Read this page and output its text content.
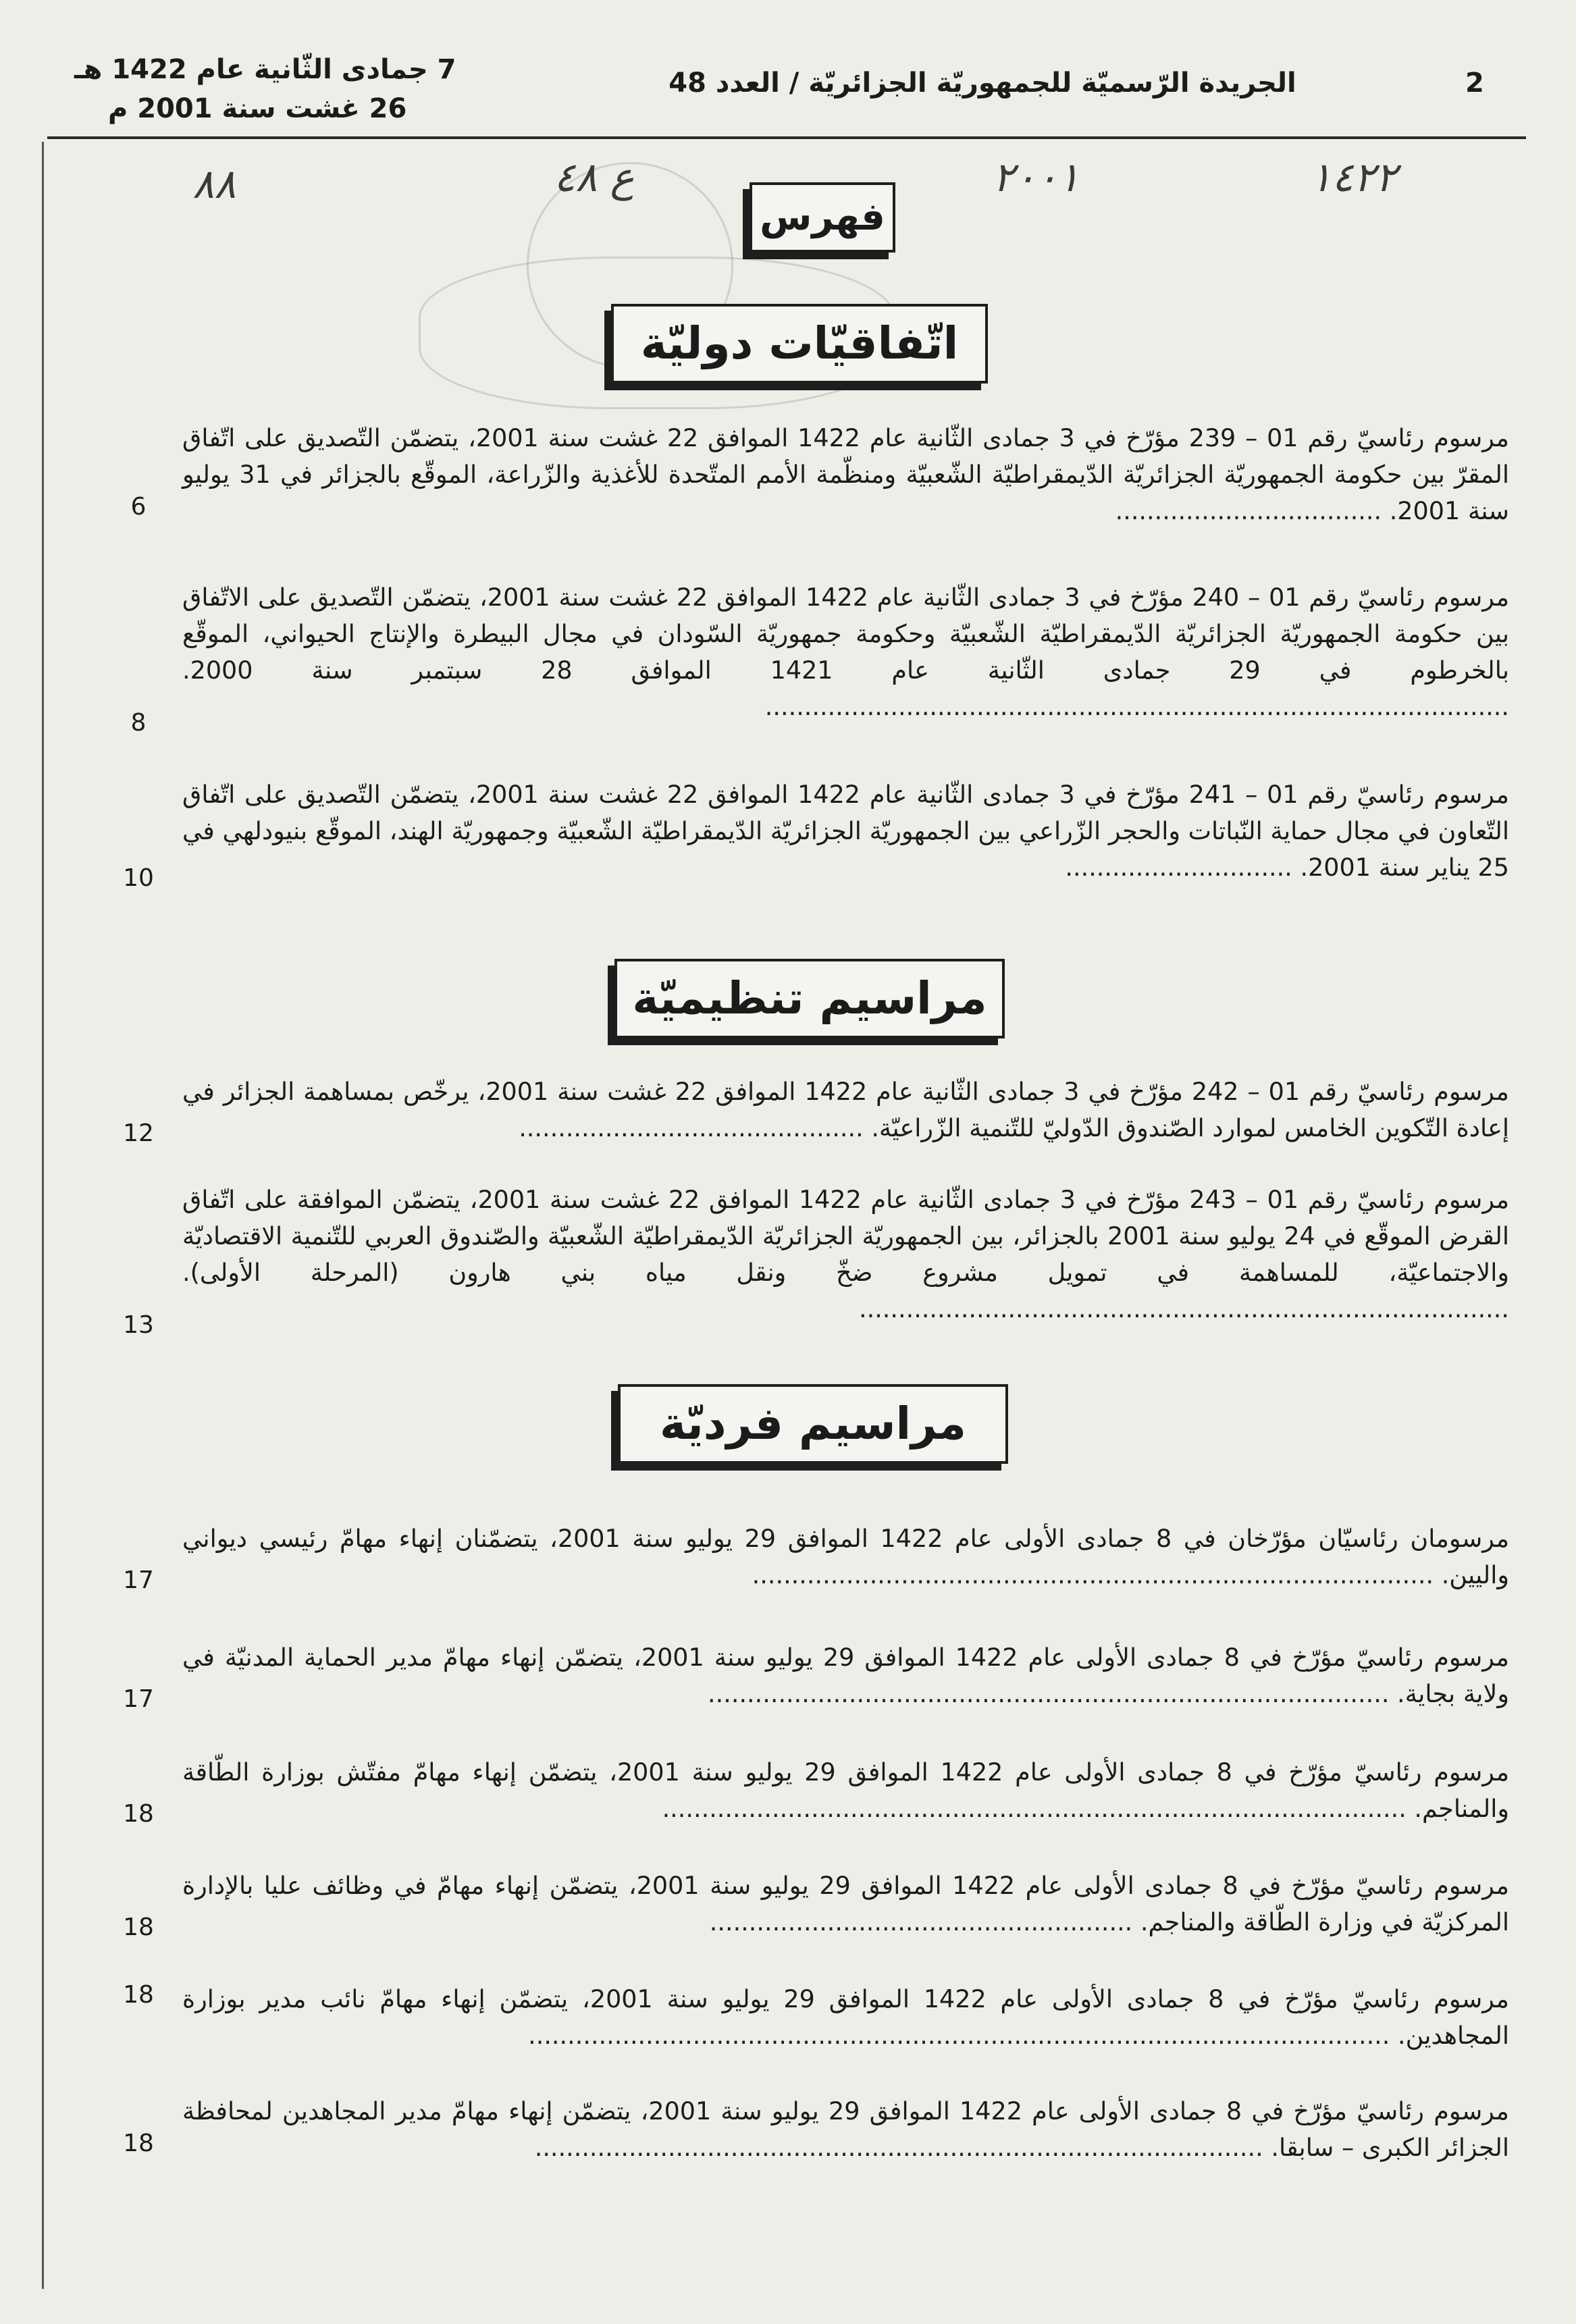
2
الجريدة الرّسميّة للجمهوريّة الجزائريّة / العدد 48
7 جمادى الثّانية عام 1422 هـ
26 غشت سنة 2001 م
١٤٢٢
٢٠٠١
ع ٤٨
٨٨
فهرس
اتّفاقيّات دوليّة
مرسوم رئاسيّ رقم 01 – 239 مؤرّخ في 3 جمادى الثّانية عام 1422 الموافق 22 غشت سنة 2001، يتضمّن التّصديق على اتّفاق المقرّ بين حكومة الجمهوريّة الجزائريّة الدّيمقراطيّة الشّعبيّة ومنظّمة الأمم المتّحدة للأغذية والزّراعة، الموقّع بالجزائر في 31 يوليو سنة 2001. ..................................
6
مرسوم رئاسيّ رقم 01 – 240 مؤرّخ في 3 جمادى الثّانية عام 1422 الموافق 22 غشت سنة 2001، يتضمّن التّصديق على الاتّفاق بين حكومة الجمهوريّة الجزائريّة الدّيمقراطيّة الشّعبيّة وحكومة جمهوريّة السّودان في مجال البيطرة والإنتاج الحيواني، الموقّع بالخرطوم في 29 جمادى الثّانية عام 1421 الموافق 28 سبتمبر سنة 2000. ...............................................................................................
8
مرسوم رئاسيّ رقم 01 – 241 مؤرّخ في 3 جمادى الثّانية عام 1422 الموافق 22 غشت سنة 2001، يتضمّن التّصديق على اتّفاق التّعاون في مجال حماية النّباتات والحجر الزّراعي بين الجمهوريّة الجزائريّة الدّيمقراطيّة الشّعبيّة وجمهوريّة الهند، الموقّع بنيودلهي في 25 يناير سنة 2001. .............................
10
مراسيم تنظيميّة
مرسوم رئاسيّ رقم 01 – 242 مؤرّخ في 3 جمادى الثّانية عام 1422 الموافق 22 غشت سنة 2001، يرخّص بمساهمة الجزائر في إعادة التّكوين الخامس لموارد الصّندوق الدّوليّ للتّنمية الزّراعيّة. ............................................
12
مرسوم رئاسيّ رقم 01 – 243 مؤرّخ في 3 جمادى الثّانية عام 1422 الموافق 22 غشت سنة 2001، يتضمّن الموافقة على اتّفاق القرض الموقّع في 24 يوليو سنة 2001 بالجزائر، بين الجمهوريّة الجزائريّة الدّيمقراطيّة الشّعبيّة والصّندوق العربي للتّنمية الاقتصاديّة والاجتماعيّة، للمساهمة في تمويل مشروع ضخّ ونقل مياه بني هارون (المرحلة الأولى). ...................................................................................
13
مراسيم فرديّة
مرسومان رئاسيّان مؤرّخان في 8 جمادى الأولى عام 1422 الموافق 29 يوليو سنة 2001، يتضمّنان إنهاء مهامّ رئيسي ديواني واليين. .......................................................................................
17
مرسوم رئاسيّ مؤرّخ في 8 جمادى الأولى عام 1422 الموافق 29 يوليو سنة 2001، يتضمّن إنهاء مهامّ مدير الحماية المدنيّة في ولاية بجاية. .......................................................................................
17
مرسوم رئاسيّ مؤرّخ في 8 جمادى الأولى عام 1422 الموافق 29 يوليو سنة 2001، يتضمّن إنهاء مهامّ مفتّش بوزارة الطّاقة والمناجم. ...............................................................................................
18
مرسوم رئاسيّ مؤرّخ في 8 جمادى الأولى عام 1422 الموافق 29 يوليو سنة 2001، يتضمّن إنهاء مهامّ في وظائف عليا بالإدارة المركزيّة في وزارة الطّاقة والمناجم. ......................................................
18
مرسوم رئاسيّ مؤرّخ في 8 جمادى الأولى عام 1422 الموافق 29 يوليو سنة 2001، يتضمّن إنهاء مهامّ نائب مدير بوزارة المجاهدين. ..............................................................................................................
18
مرسوم رئاسيّ مؤرّخ في 8 جمادى الأولى عام 1422 الموافق 29 يوليو سنة 2001، يتضمّن إنهاء مهامّ مدير المجاهدين لمحافظة الجزائر الكبرى – سابقا. .............................................................................................
18
